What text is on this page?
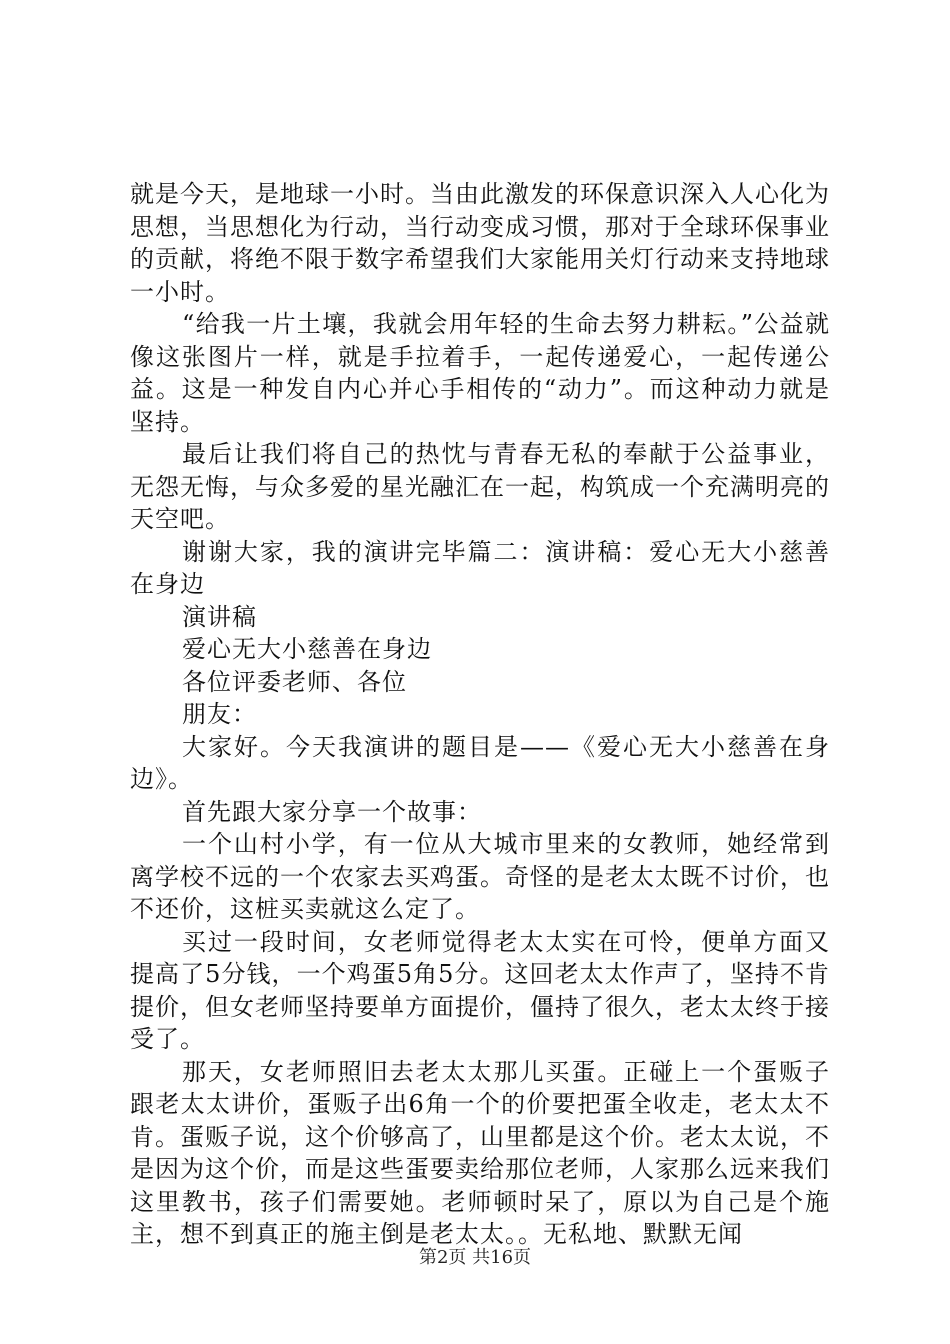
就是今天，是地球一小时。当由此激发的环保意识深入人心化为思想，当思想化为行动，当行动变成习惯，那对于全球环保事业的贡献，将绝不限于数字希望我们大家能用关灯行动来支持地球一小时。

“给我一片土壤，我就会用年轻的生命去努力耕耘。”公益就像这张图片一样，就是手拉着手，一起传递爱心，一起传递公益。这是一种发自内心并心手相传的“动力”。而这种动力就是坚持。

最后让我们将自己的热忱与青春无私的奉献于公益事业，无怨无悔，与众多爱的星光融汇在一起，构筑成一个充满明亮的天空吧。

谢谢大家，我的演讲完毕篇二：演讲稿：爱心无大小慈善在身边

演讲稿

爱心无大小慈善在身边

各位评委老师、各位

朋友：

大家好。今天我演讲的题目是——《爱心无大小慈善在身边》。

首先跟大家分享一个故事：

一个山村小学，有一位从大城市里来的女教师，她经常到离学校不远的一个农家去买鸡蛋。奇怪的是老太太既不讨价，也不还价，这桩买卖就这么定了。

买过一段时间，女老师觉得老太太实在可怜，便单方面又提高了5分钱，一个鸡蛋5角5分。这回老太太作声了，坚持不肯提价，但女老师坚持要单方面提价，僵持了很久，老太太终于接受了。

那天，女老师照旧去老太太那儿买蛋。正碰上一个蛋贩子跟老太太讲价，蛋贩子出6角一个的价要把蛋全收走，老太太不肯。蛋贩子说，这个价够高了，山里都是这个价。老太太说，不是因为这个价，而是这些蛋要卖给那位老师，人家那么远来我们这里教书，孩子们需要她。老师顿时呆了，原以为自己是个施主，想不到真正的施主倒是老太太。。无私地、默默无闻

第2页 共16页
